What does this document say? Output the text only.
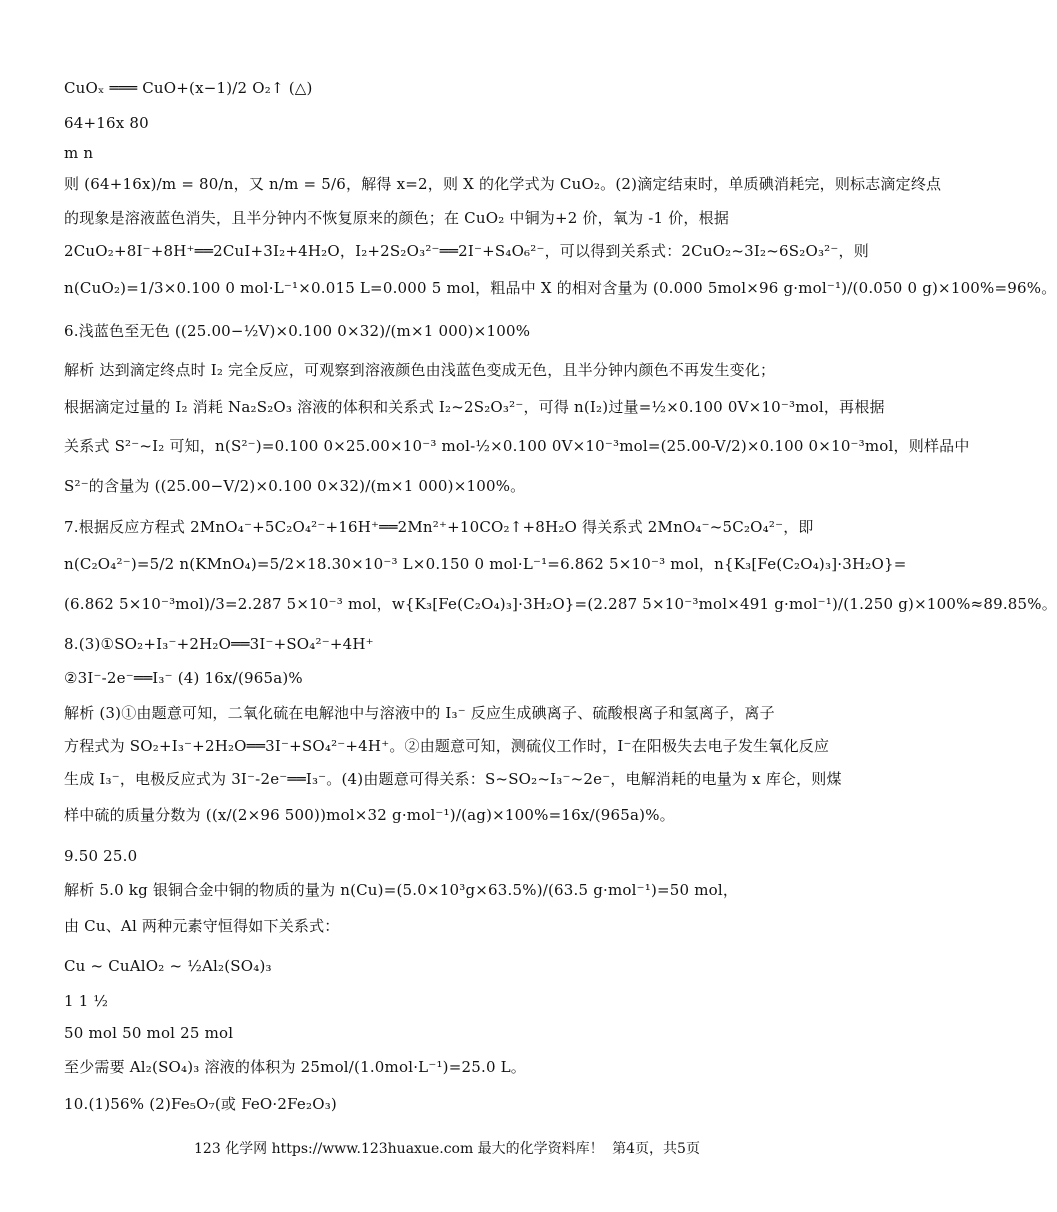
CuOₓ ═══ CuO+(x−1)/2 O₂↑ (△)
64+16x 80
m n
则 (64+16x)/m = 80/n，又 n/m = 5/6，解得 x=2，则 X 的化学式为 CuO₂。(2)滴定结束时，单质碘消耗完，则标志滴定终点
的现象是溶液蓝色消失，且半分钟内不恢复原来的颜色；在 CuO₂ 中铜为+2 价，氧为 -1 价，根据
2CuO₂+8I⁻+8H⁺══2CuI+3I₂+4H₂O，I₂+2S₂O₃²⁻══2I⁻+S₄O₆²⁻，可以得到关系式：2CuO₂~3I₂~6S₂O₃²⁻，则
n(CuO₂)=1/3×0.100 0 mol·L⁻¹×0.015 L=0.000 5 mol，粗品中 X 的相对含量为 (0.000 5mol×96 g·mol⁻¹)/(0.050 0 g)×100%=96%。
6.浅蓝色至无色 ((25.00−½V)×0.100 0×32)/(m×1 000)×100%
解析 达到滴定终点时 I₂ 完全反应，可观察到溶液颜色由浅蓝色变成无色，且半分钟内颜色不再发生变化；
根据滴定过量的 I₂ 消耗 Na₂S₂O₃ 溶液的体积和关系式 I₂~2S₂O₃²⁻，可得 n(I₂)过量=½×0.100 0V×10⁻³mol，再根据
关系式 S²⁻~I₂ 可知，n(S²⁻)=0.100 0×25.00×10⁻³ mol-½×0.100 0V×10⁻³mol=(25.00-V/2)×0.100 0×10⁻³mol，则样品中
S²⁻的含量为 ((25.00−V/2)×0.100 0×32)/(m×1 000)×100%。
7.根据反应方程式 2MnO₄⁻+5C₂O₄²⁻+16H⁺══2Mn²⁺+10CO₂↑+8H₂O 得关系式 2MnO₄⁻~5C₂O₄²⁻，即
n(C₂O₄²⁻)=5/2 n(KMnO₄)=5/2×18.30×10⁻³ L×0.150 0 mol·L⁻¹=6.862 5×10⁻³ mol，n{K₃[Fe(C₂O₄)₃]·3H₂O}=
(6.862 5×10⁻³mol)/3=2.287 5×10⁻³ mol，w{K₃[Fe(C₂O₄)₃]·3H₂O}=(2.287 5×10⁻³mol×491 g·mol⁻¹)/(1.250 g)×100%≈89.85%。
8.(3)①SO₂+I₃⁻+2H₂O══3I⁻+SO₄²⁻+4H⁺
②3I⁻-2e⁻══I₃⁻ (4) 16x/(965a)%
解析 (3)①由题意可知，二氧化硫在电解池中与溶液中的 I₃⁻ 反应生成碘离子、硫酸根离子和氢离子，离子
方程式为 SO₂+I₃⁻+2H₂O══3I⁻+SO₄²⁻+4H⁺。②由题意可知，测硫仪工作时，I⁻在阳极失去电子发生氧化反应
生成 I₃⁻，电极反应式为 3I⁻-2e⁻══I₃⁻。(4)由题意可得关系：S~SO₂~I₃⁻~2e⁻，电解消耗的电量为 x 库仑，则煤
样中硫的质量分数为 ((x/(2×96 500))mol×32 g·mol⁻¹)/(ag)×100%=16x/(965a)%。
9.50 25.0
解析 5.0 kg 银铜合金中铜的物质的量为 n(Cu)=(5.0×10³g×63.5%)/(63.5 g·mol⁻¹)=50 mol，
由 Cu、Al 两种元素守恒得如下关系式：
Cu ~ CuAlO₂ ~ ½Al₂(SO₄)₃
1 1 ½
50 mol 50 mol 25 mol
至少需要 Al₂(SO₄)₃ 溶液的体积为 25mol/(1.0mol·L⁻¹)=25.0 L。
10.(1)56% (2)Fe₅O₇(或 FeO·2Fe₂O₃)
123 化学网 https://www.123huaxue.com 最大的化学资料库！ 第4页，共5页
